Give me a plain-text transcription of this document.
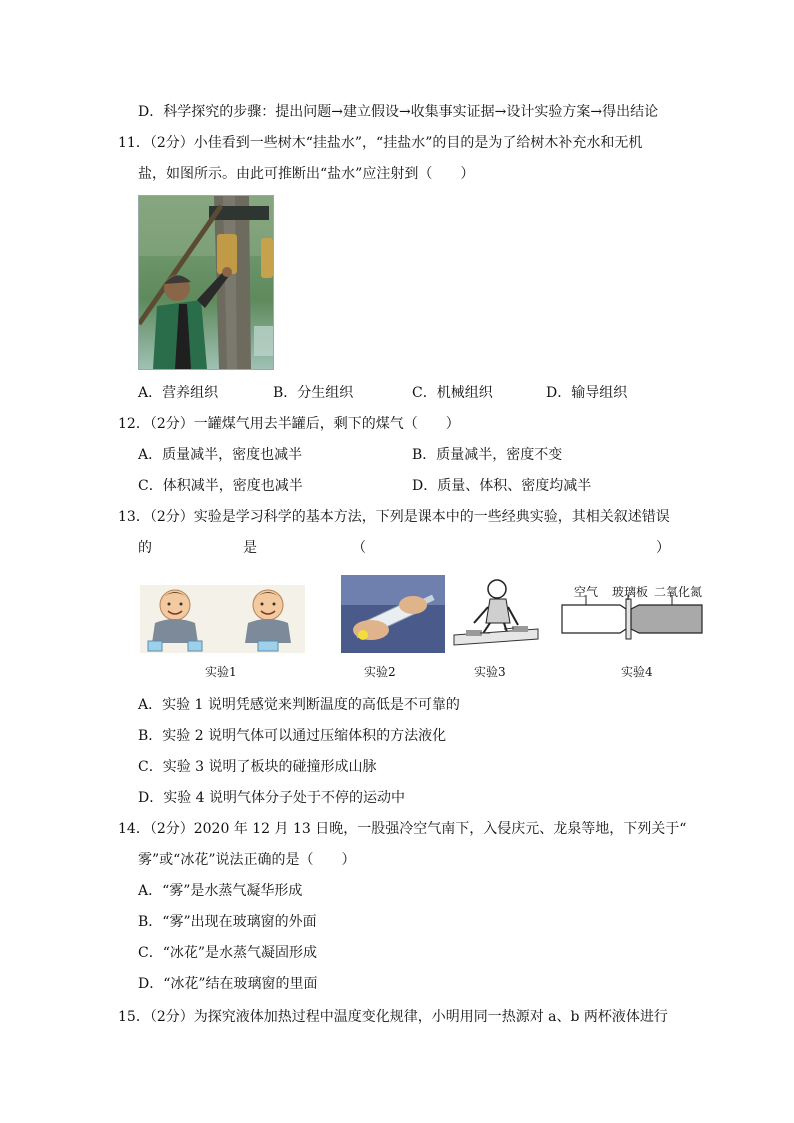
D．科学探究的步骤：提出问题→建立假设→收集事实证据→设计实验方案→得出结论
11．（2分）小佳看到一些树木“挂盐水”，“挂盐水”的目的是为了给树木补充水和无机
盐，如图所示。由此可推断出“盐水”应注射到（　　）
A．营养组织	B．分生组织	C．机械组织	D．输导组织
12．（2分）一罐煤气用去半罐后，剩下的煤气（　　）
A．质量减半，密度也减半	B．质量减半，密度不变
C．体积减半，密度也减半	D．质量、体积、密度均减半
13．（2分）实验是学习科学的基本方法，下列是课本中的一些经典实验，其相关叙述错误
的	是	（	）
实验1	实验2	实验3
空气 玻璃板 二氧化氮
实验4
A．实验 1 说明凭感觉来判断温度的高低是不可靠的
B．实验 2 说明气体可以通过压缩体积的方法液化
C．实验 3 说明了板块的碰撞形成山脉
D．实验 4 说明气体分子处于不停的运动中
14．（2分）2020 年 12 月 13 日晚，一股强冷空气南下，入侵庆元、龙泉等地，下列关于“
雾”或“冰花”说法正确的是（　　）
A．“雾”是水蒸气凝华形成
B．“雾”出现在玻璃窗的外面
C．“冰花”是水蒸气凝固形成
D．“冰花”结在玻璃窗的里面
15．（2分）为探究液体加热过程中温度变化规律，小明用同一热源对 a、b 两杯液体进行
